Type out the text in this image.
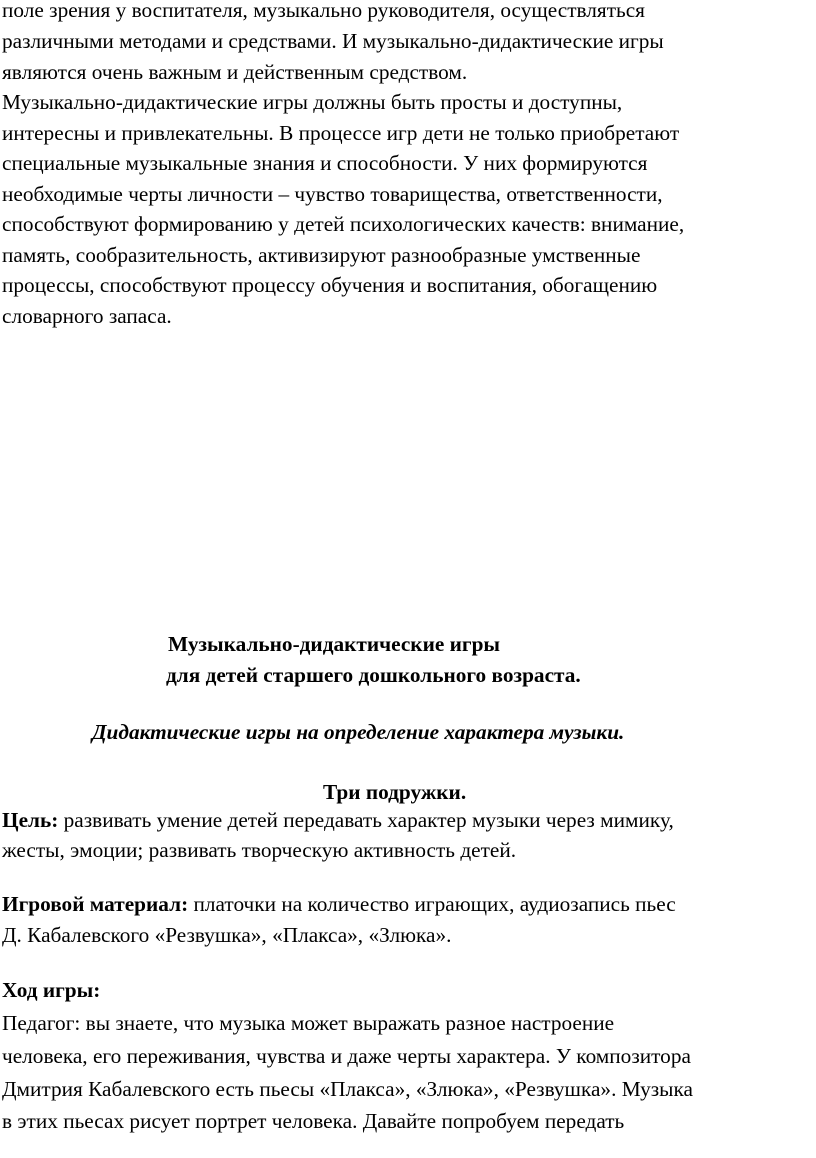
поле зрения у воспитателя, музыкально руководителя, осуществляться
различными методами и средствами. И музыкально-дидактические игры
являются очень важным и действенным средством.
Музыкально-дидактические игры должны быть просты и доступны,
интересны и привлекательны. В процессе игр дети не только приобретают
специальные музыкальные знания и способности. У них формируются
необходимые черты личности – чувство товарищества, ответственности,
способствуют формированию у детей психологических качеств: внимание,
память, сообразительность, активизируют разнообразные умственные
процессы, способствуют процессу обучения и воспитания, обогащению
словарного запаса.
Музыкально-дидактические игры
для детей старшего дошкольного возраста.
Дидактические игры на определение характера музыки.
Три подружки.
Цель: развивать умение детей передавать характер музыки через мимику,
жесты, эмоции; развивать творческую активность детей.
Игровой материал: платочки на количество играющих, аудиозапись пьес
Д. Кабалевского «Резвушка», «Плакса», «Злюка».
Ход игры:
Педагог: вы знаете, что музыка может выражать разное настроение
человека, его переживания, чувства и даже черты характера. У композитора
Дмитрия Кабалевского есть пьесы «Плакса», «Злюка», «Резвушка». Музыка
в этих пьесах рисует портрет человека. Давайте попробуем передать
